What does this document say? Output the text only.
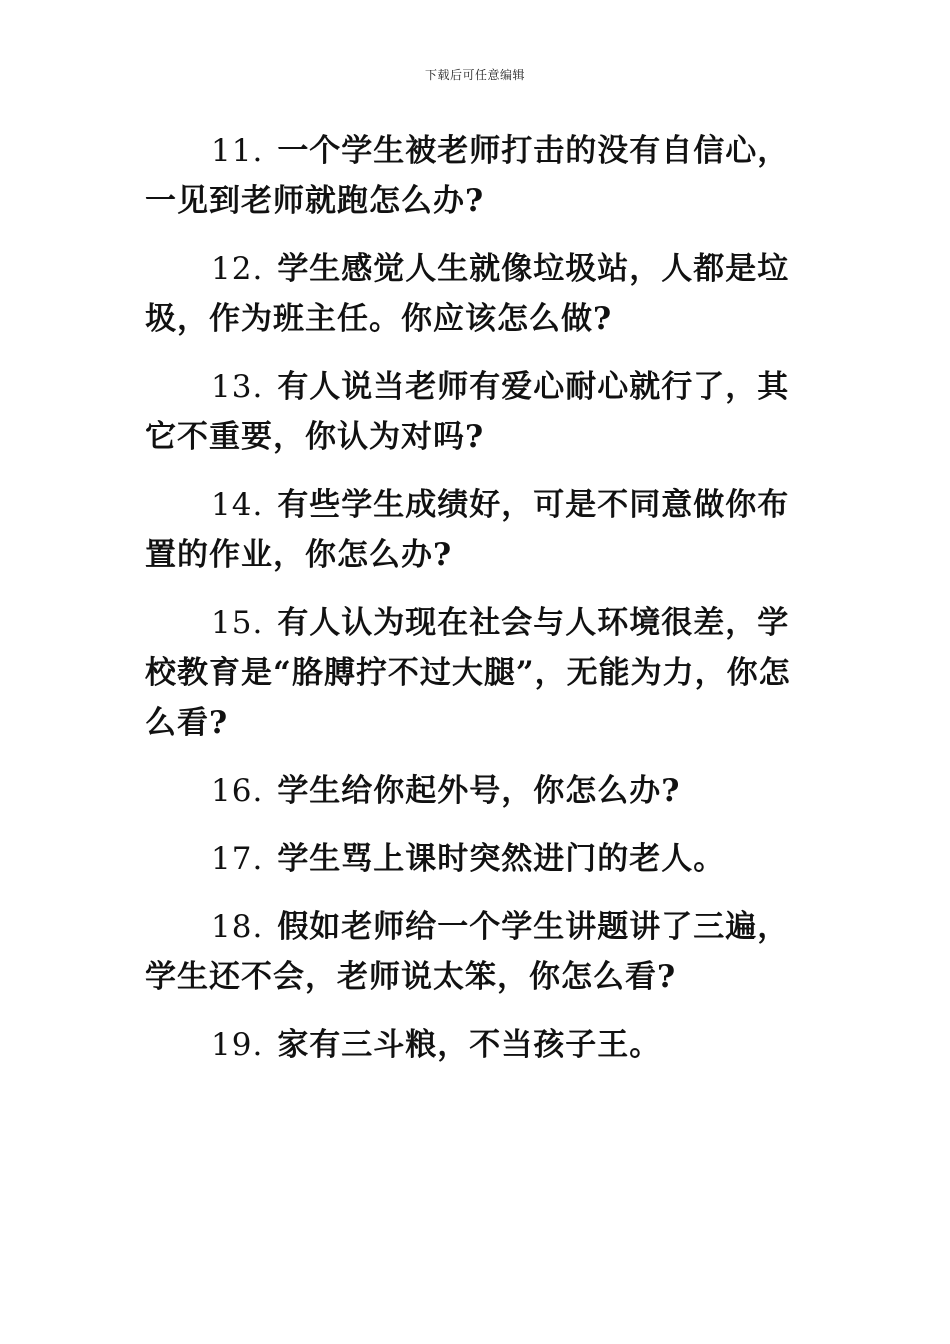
下载后可任意编辑

11. 一个学生被老师打击的没有自信心，一见到老师就跑怎么办?

12. 学生感觉人生就像垃圾站，人都是垃圾，作为班主任。你应该怎么做?

13. 有人说当老师有爱心耐心就行了，其它不重要，你认为对吗?

14. 有些学生成绩好，可是不同意做你布置的作业，你怎么办?

15. 有人认为现在社会与人环境很差，学校教育是“胳膊拧不过大腿”，无能为力，你怎么看?

16. 学生给你起外号，你怎么办?

17. 学生骂上课时突然进门的老人。

18. 假如老师给一个学生讲题讲了三遍，学生还不会，老师说太笨，你怎么看?

19. 家有三斗粮，不当孩子王。
